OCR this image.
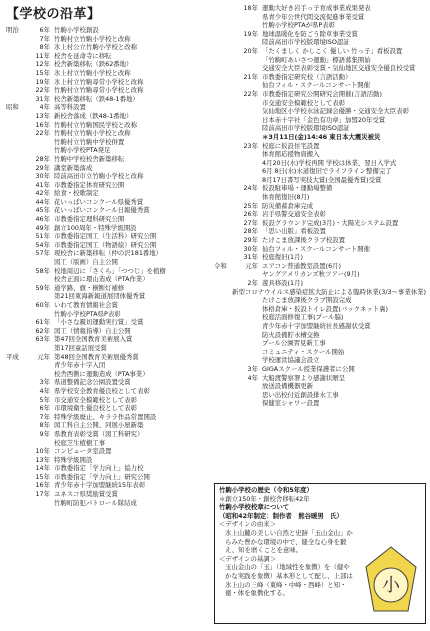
【学校の沿革】
明治	6年 竹駒小学校創設
7年 竹駒村立竹駒小学校と改称
8年 氷上村公立竹駒小学校と改称
11年 校舎を延命寺に移転
12年 校舎新築移転（鉄62番地）
15年 氷上村立竹駒小学校と改称
19年 氷上村立竹駒尋常小学校と改称
22年 竹駒村立竹駒尋常小学校と改称
31年 校舎新築移転（鉄48-1番地）
昭和	4年 高等科設置
13年 新校舎落成（鉄48-1番地）
16年 竹駒村立竹駒国民学校と改称
22年 竹駒村立竹駒小学校と改称
竹駒村立竹駒中学校併置
竹駒小学校PTA発足
28年 竹駒中学校校舎新築移転
29年 講堂新築落成
30年 陸前高田市立竹駒小学校と改称
41年 市教委指定体育研究公開
42年 給食・校歌制定
44年 花いっぱいコンクール県優秀賞
45年 花いっぱいコンクール日報優秀賞
46年 市教委指定理科研究公開
49年 創立100周年・特殊学級開設
51年 市教委指定国工（生活科）研究公開
54年 市教委指定国工（物語絵）研究公開
57年 現校舎に新築移転（仲の沢181番地）
図工（版画）自主公開
58年 校地周辺に「さくら」「つつじ」を植樹
校舎正面に環山造成（PTA作業）
59年 通学路、旗・横断灯補修
第21回東海新報道展団体優秀賞
60年 いわて教育情報社会賞
竹駒小学校PTA県P表彰
61年 「小さな親切運動実行賞」受賞
62年 図工（情報指導）自主公開
63年 第47回全国教育美術展入賞
第17回童話展受賞
平成	元年 第48回全国教育美術展優秀賞
青少年赤十字入団
校舎西側に運動造成（PTA事業）
3年 県道整備記念公園設置受賞
4年 県学校安全教育優良校として表彰
5年 市交通安全模範校として表彰
6年 市環境衛生優良校として表彰
7年 特殊学級廃止、キララ作品常置開設
8年 図工科自主公開、同展小屋新築
9年 県教育表彰受賞（図工科研究）
校庭芝生植樹工事
10年 コンピュータ室設置
13年 特殊学級開設
14年 市教委指定「学力向上」協力校
15年 市教委指定「学力向上」研究公開
16年 青少年赤十字加盟継続15年表彰
17年 ユネスコ県奨励賞受賞
竹駒町防犯パトロール隊結成
18年 運動大好き岩手っ子育成事業成果発表
県青少年公世代間交流促進事業受賞
竹駒小学校PTAが県P表彰
19年 地球温暖化を防ごう除草事業受賞
陸前高田市学校版環境ISO認証
20年 「たくましく かしこく 優しい 竹っ子」看板設置
「竹駒町あいさつ運動」標語募集開始
交通安全大臣表彰受賞・気仙地区交通安全優良校受賞
21年 市教委指定研究校（言語活動）
仙台フィル・スクールコンサート開催
22年 市教委指定研究公開研究会開催(言語活動)
市交通安全模範校として表彰
気仙地区小学校水泳記録会優勝・交通安全大臣表彰
日本赤十字社「金色有功章」加盟20年受賞
陸前高田市学校版環境ISO認証
＊3月11日(金)14:46 東日本大震災被災
23年 校庭に仮設住宅設置
体育館応援物資搬入
4月20日(水)学校再開 学校は休業、翌日入学式
6月 8日(水)水道復旧でライフライン整備完了
8月17日書写実技大賞(全国最優秀賞)受賞
24年 仮設駐車場・運動場整備
体育館復旧(8月)
25年 防災備蓄倉庫完成
26年 岩手県警交通安全表彰
27年 仮設グラウンド完成(3月)・大陽光システム設置
28年 「思い出版」看板設置
29年 たけこま放課後クラブ校設置
30年 仙台フィル・スクールコンサート開催
31年 校庭復旧(1月)
令和	元年 エアコン普通教室設置(6月)
ヤングアメリカンズ秋ツアー(9月)
2年 遊具移設(1月)
新型コロナウイルス感染症拡大防止による臨時休業(3/3～事業休業)
たけこま放課後クラブ開設完成
体格倉庫・仮設トイレ設置(バックネット裏)
校庭活面修復工事(プール脇)
青少年赤十字加盟継続社長感謝状受賞
防火設備貯水槽交換
プール公園習見新工事
コミュニティ・スクール開始
学校運営協議会設立
3年 GIGAスクール授業保護者に公開
4年 大船渡警察署より感謝状贈呈
放送設備機器更新
思い出校付近創設排水工事
保健室シャワー設置
竹駒小学校の歴史（令和5年度）
＊創立150年・創校舎移転42年
竹駒小学校校章について
（昭和42年制定：制作者　熊谷暖男　氏）
＜デザインの由来＞
氷上山麓の美しい自然と史跡「玉山金山」からみた豊かな環境の中で、健全な心身を鍛え、知を磨くことを意味。
＜デザインの基調＞
玉山金山の「玉」（地域性を象徴）を（健やかな実践を象徴）基本形として配し、上部は氷上山の三峰（東峰・中峰・西峰）と知・徳・体を象徴化する。	小
